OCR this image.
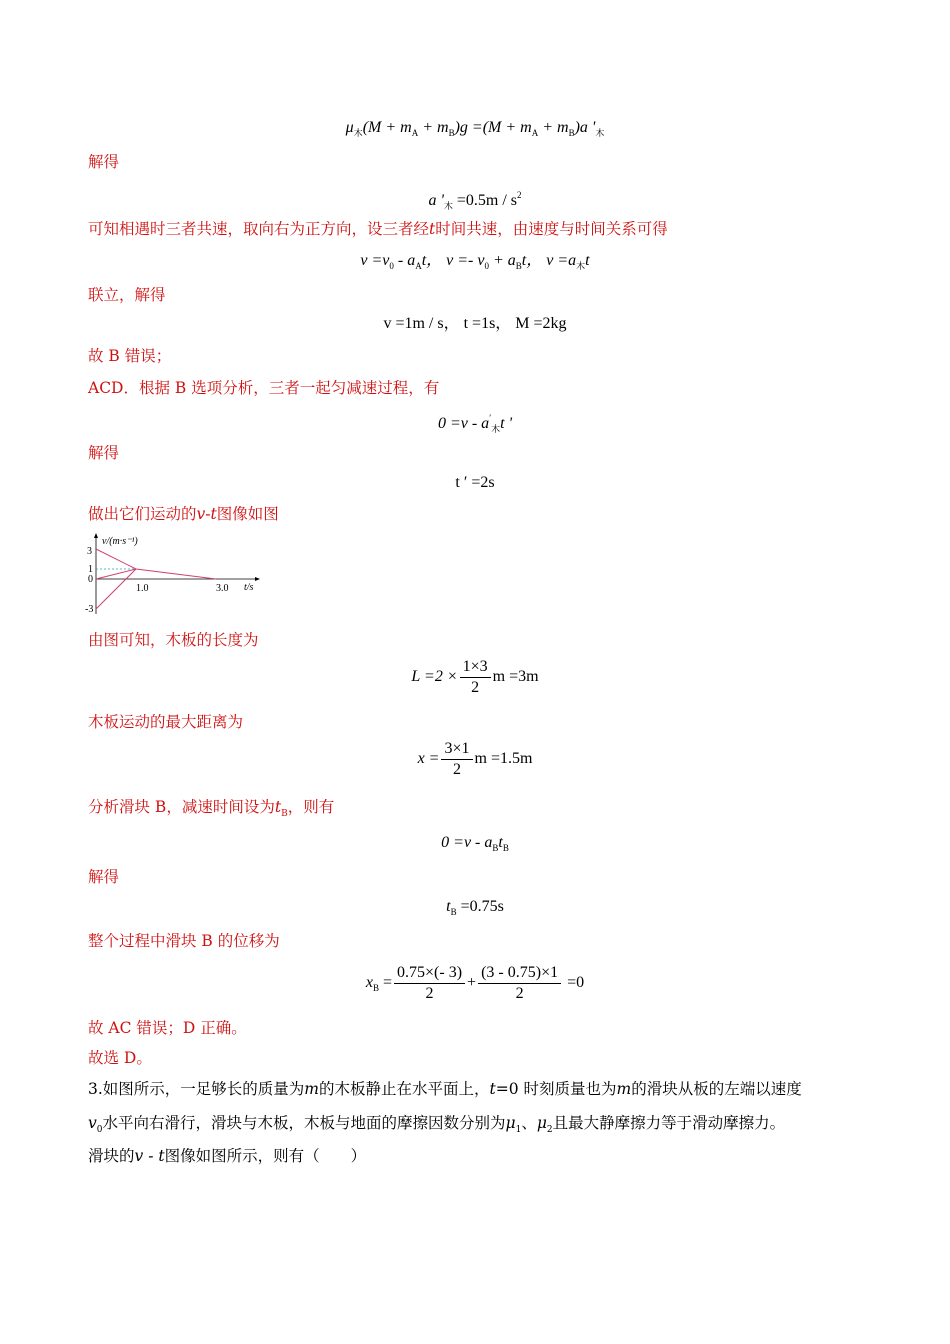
$\mu_木(M + m_A + m_B)g =(M + m_A + m_B)a$ '$_木$
解得
a '$_木 =0.5m / s^2$
可知相遇时三者共速，取向右为正方向，设三者经t时间共速，由速度与时间关系可得
$v =v_0 - a_At$， $v =- v_0 + a_Bt$， $v =a_木t$
联立，解得
v =1m / s， t =1s， M =2kg
故 B 错误；
ACD．根据 B 选项分析，三者一起匀减速过程，有
$0 =v - a'_木t$ '
解得
t ′ =2s
做出它们运动的v-t图像如图
v/(m·s⁻¹)
t/s
3
1
0
-3
1.0	3.0
由图可知，木板的长度为
$L =2 \times \frac{1\times 3}{2}$ m =3m
木板运动的最大距离为
$x = \frac{3\times 1}{2}$ m =1.5m
分析滑块 B，减速时间设为$t_B$，则有
$0 =v - a_Bt_B$
解得
$t_B =0.75s$
整个过程中滑块 B 的位移为
$x_B = \frac{0.75\times(- 3)}{2} + \frac{(3 - 0.75)\times 1}{2} =0$
故 AC 错误；D 正确。
故选 D。
3.如图所示，一足够长的质量为m的木板静止在水平面上，t=0 时刻质量也为m的滑块从板的左端以速度
$v_0$水平向右滑行，滑块与木板，木板与地面的摩擦因数分别为$\mu_1$、$\mu_2$且最大静摩擦力等于滑动摩擦力。
滑块的v - t图像如图所示，则有（　　）
